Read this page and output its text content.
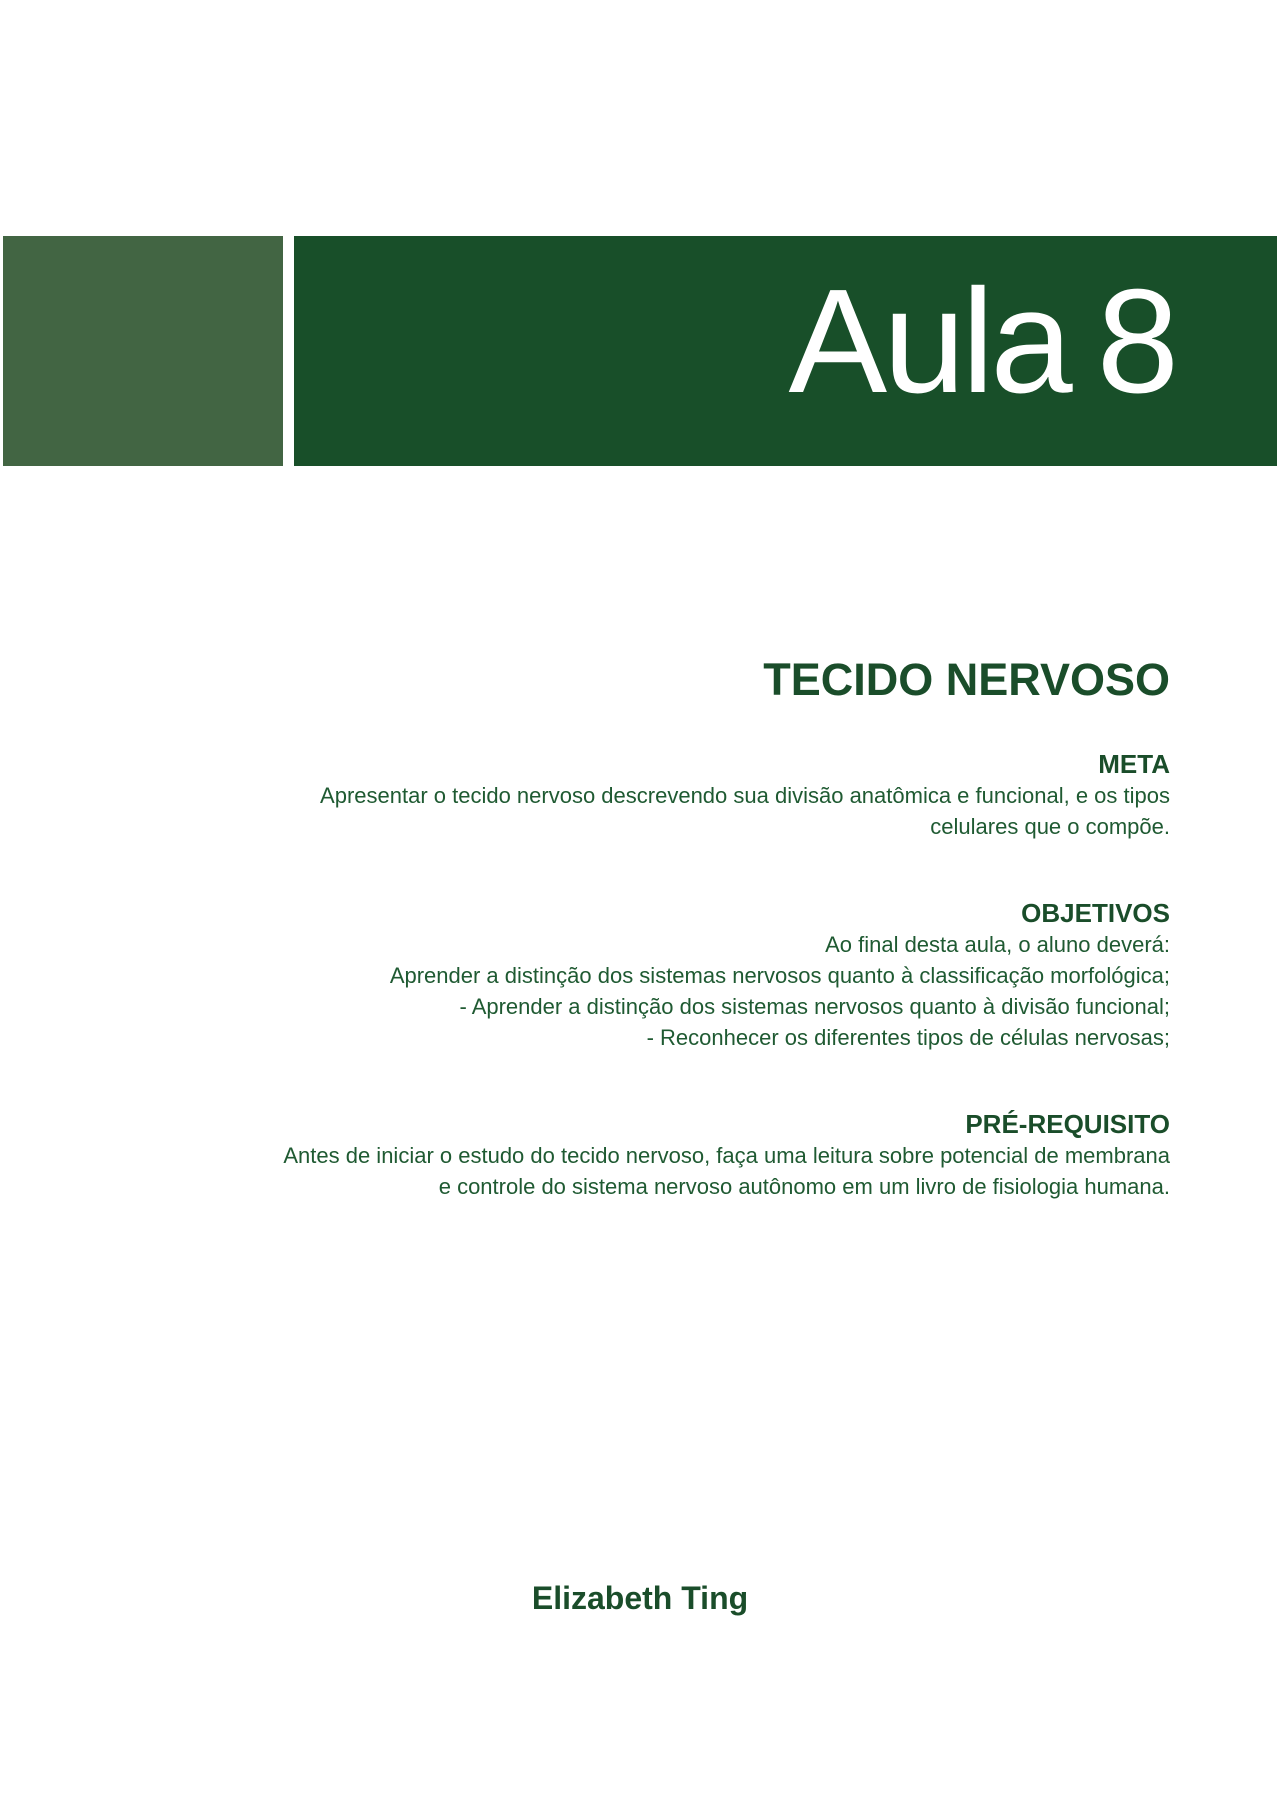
Aula 8
TECIDO NERVOSO

META

Apresentar o tecido nervoso descrevendo sua divisão anatômica e funcional, e os tipos

celulares que o compõe.

OBJETIVOS

Ao final desta aula, o aluno deverá:

Aprender a distinção dos sistemas nervosos quanto à classificação morfológica;

- Aprender a distinção dos sistemas nervosos quanto à divisão funcional;

- Reconhecer os diferentes tipos de células nervosas;

PRÉ-REQUISITO

Antes de iniciar o estudo do tecido nervoso, faça uma leitura sobre potencial de membrana

e controle do sistema nervoso autônomo em um livro de fisiologia humana.

Elizabeth Ting
